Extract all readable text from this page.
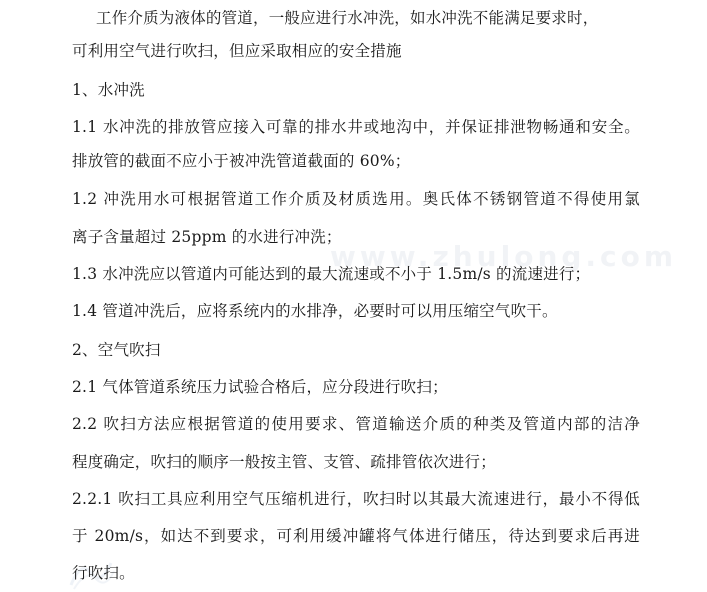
www.zhulong.com
工作介质为液体的管道，一般应进行水冲洗，如水冲洗不能满足要求时，
可利用空气进行吹扫，但应采取相应的安全措施
1、水冲洗
1.1 水冲洗的排放管应接入可靠的排水井或地沟中，并保证排泄物畅通和安全。
排放管的截面不应小于被冲洗管道截面的 60%；
1.2 冲洗用水可根据管道工作介质及材质选用。奥氏体不锈钢管道不得使用氯
离子含量超过 25ppm 的水进行冲洗；
1.3 水冲洗应以管道内可能达到的最大流速或不小于 1.5m/s 的流速进行；
1.4 管道冲洗后，应将系统内的水排净，必要时可以用压缩空气吹干。
2、空气吹扫
2.1 气体管道系统压力试验合格后，应分段进行吹扫；
2.2 吹扫方法应根据管道的使用要求、管道输送介质的种类及管道内部的洁净
程度确定，吹扫的顺序一般按主管、支管、疏排管依次进行；
2.2.1 吹扫工具应利用空气压缩机进行，吹扫时以其最大流速进行，最小不得低
于 20m/s，如达不到要求，可利用缓冲罐将气体进行储压，待达到要求后再进
行吹扫。
